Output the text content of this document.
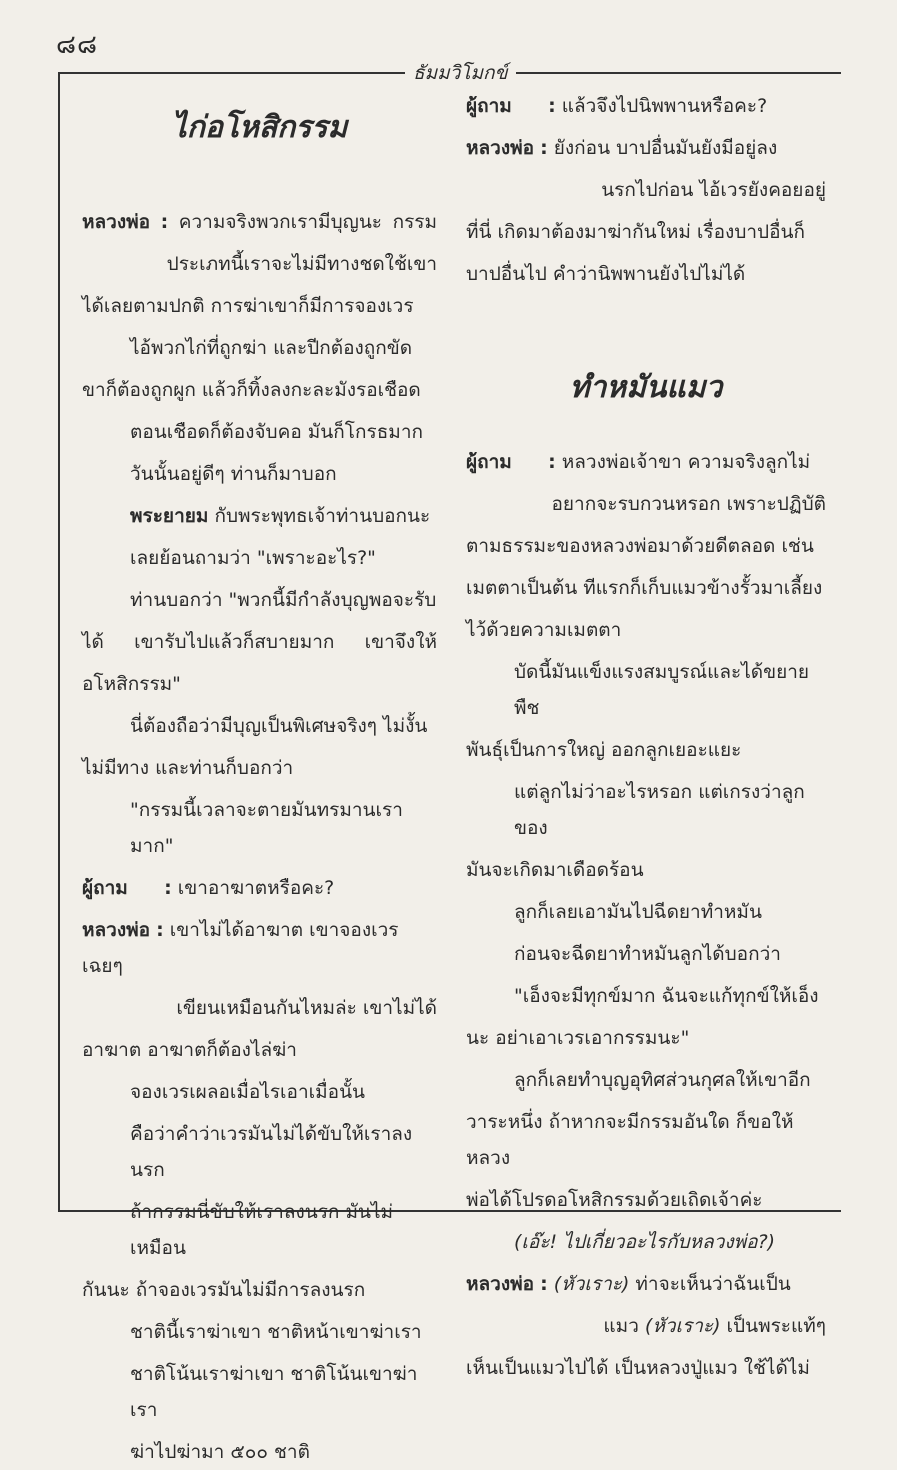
๘๘
ธัมมวิโมกข์

ไก่อโหสิกรรม

หลวงพ่อ : ความจริงพวกเรามีบุญนะ กรรม

ประเภทนี้เราจะไม่มีทางชดใช้เขา

ได้เลยตามปกติ การฆ่าเขาก็มีการจองเวร

ไอ้พวกไก่ที่ถูกฆ่า และปีกต้องถูกขัด

ขาก็ต้องถูกผูก แล้วก็ทิ้งลงกะละมังรอเชือด

ตอนเชือดก็ต้องจับคอ มันก็โกรธมาก

วันนั้นอยู่ดีๆ ท่านก็มาบอก

พระยายม กับพระพุทธเจ้าท่านบอกนะ

เลยย้อนถามว่า "เพราะอะไร?"

ท่านบอกว่า "พวกนี้มีกำลังบุญพอจะรับ

ได้ เขารับไปแล้วก็สบายมาก เขาจึงให้

อโหสิกรรม"

นี่ต้องถือว่ามีบุญเป็นพิเศษจริงๆ ไม่งั้น

ไม่มีทาง และท่านก็บอกว่า

"กรรมนี้เวลาจะตายมันทรมานเรามาก"

ผู้ถาม : เขาอาฆาตหรือคะ?

หลวงพ่อ : เขาไม่ได้อาฆาต เขาจองเวรเฉยๆ

เขียนเหมือนกันไหมล่ะ เขาไม่ได้

อาฆาต อาฆาตก็ต้องไล่ฆ่า

จองเวรเผลอเมื่อไรเอาเมื่อนั้น

คือว่าคำว่าเวรมันไม่ได้ขับให้เราลงนรก

ถ้ากรรมนี่ขับให้เราลงนรก มันไม่เหมือน

กันนะ ถ้าจองเวรมันไม่มีการลงนรก

ชาตินี้เราฆ่าเขา ชาติหน้าเขาฆ่าเรา

ชาติโน้นเราฆ่าเขา ชาติโน้นเขาฆ่าเรา

ฆ่าไปฆ่ามา ๕๐๐ ชาติ

ผู้ถาม : แล้วจึงไปนิพพานหรือคะ?

หลวงพ่อ : ยังก่อน บาปอื่นมันยังมีอยู่ลง

นรกไปก่อน ไอ้เวรยังคอยอยู่

ที่นี่ เกิดมาต้องมาฆ่ากันใหม่ เรื่องบาปอื่นก็

บาปอื่นไป คำว่านิพพานยังไปไม่ได้

ทำหมันแมว

ผู้ถาม : หลวงพ่อเจ้าขา ความจริงลูกไม่

อยากจะรบกวนหรอก เพราะปฏิบัติ

ตามธรรมะของหลวงพ่อมาด้วยดีตลอด เช่น

เมตตาเป็นต้น ทีแรกก็เก็บแมวข้างรั้วมาเลี้ยง

ไว้ด้วยความเมตตา

บัดนี้มันแข็งแรงสมบูรณ์และได้ขยายพืช

พันธุ์เป็นการใหญ่ ออกลูกเยอะแยะ

แต่ลูกไม่ว่าอะไรหรอก แต่เกรงว่าลูกของ

มันจะเกิดมาเดือดร้อน

ลูกก็เลยเอามันไปฉีดยาทำหมัน

ก่อนจะฉีดยาทำหมันลูกได้บอกว่า

"เอ็งจะมีทุกข์มาก ฉันจะแก้ทุกข์ให้เอ็ง

นะ อย่าเอาเวรเอากรรมนะ"

ลูกก็เลยทำบุญอุทิศส่วนกุศลให้เขาอีก

วาระหนึ่ง ถ้าหากจะมีกรรมอันใด ก็ขอให้หลวง

พ่อได้โปรดอโหสิกรรมด้วยเถิดเจ้าค่ะ

(เอ๊ะ! ไปเกี่ยวอะไรกับหลวงพ่อ?)

หลวงพ่อ : (หัวเราะ) ท่าจะเห็นว่าฉันเป็น

แมว (หัวเราะ) เป็นพระแท้ๆ

เห็นเป็นแมวไปได้ เป็นหลวงปู่แมว ใช้ได้ไม่
